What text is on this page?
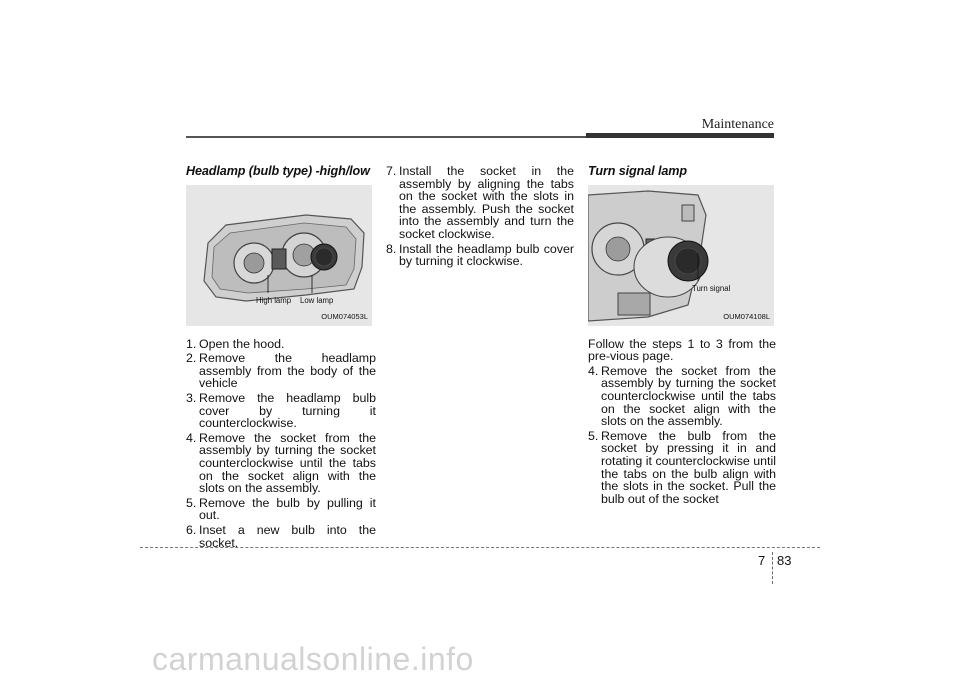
Maintenance

Headlamp (bulb type) -high/low

High lamp Low lamp
OUM074053L
1. Open the hood.
2. Remove the headlamp assembly from the body of the vehicle
3. Remove the headlamp bulb cover by turning it counterclockwise.
4. Remove the socket from the assembly by turning the socket counterclockwise until the tabs on the socket align with the slots on the assembly.
5. Remove the bulb by pulling it out.
6. Inset a new bulb into the socket.
7. Install the socket in the assembly by aligning the tabs on the socket with the slots in the assembly. Push the socket into the assembly and turn the socket clockwise.
8. Install the headlamp bulb cover by turning it clockwise.

Turn signal lamp

Turn signal
OUM074108L

Follow the steps 1 to 3 from the pre-vious page.

4. Remove the socket from the assembly by turning the socket counterclockwise until the tabs on the socket align with the slots on the assembly.
5. Remove the bulb from the socket by pressing it in and rotating it counterclockwise until the tabs on the bulb align with the slots in the socket. Pull the bulb out of the socket
7 83
carmanualsonline.info
